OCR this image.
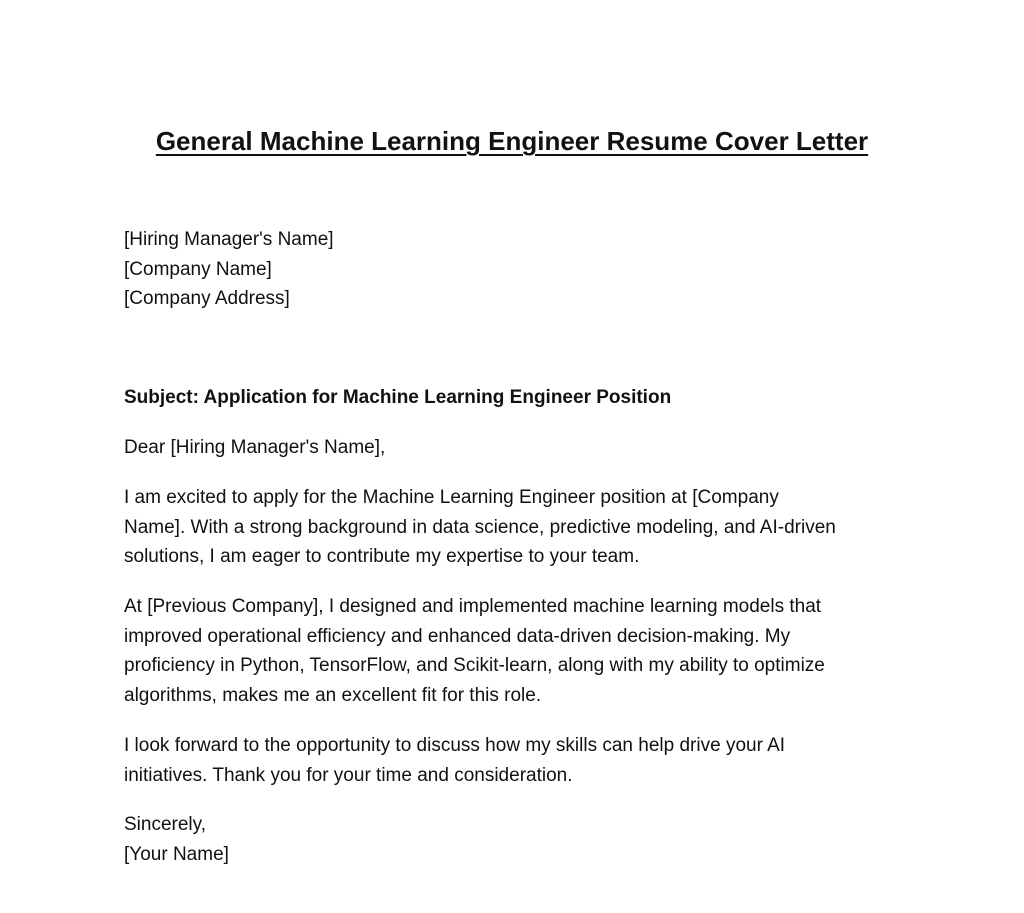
General Machine Learning Engineer Resume Cover Letter
[Hiring Manager's Name]
[Company Name]
[Company Address]
Subject: Application for Machine Learning Engineer Position
Dear [Hiring Manager's Name],
I am excited to apply for the Machine Learning Engineer position at [Company
Name]. With a strong background in data science, predictive modeling, and AI-driven
solutions, I am eager to contribute my expertise to your team.
At [Previous Company], I designed and implemented machine learning models that
improved operational efficiency and enhanced data-driven decision-making. My
proficiency in Python, TensorFlow, and Scikit-learn, along with my ability to optimize
algorithms, makes me an excellent fit for this role.
I look forward to the opportunity to discuss how my skills can help drive your AI
initiatives. Thank you for your time and consideration.
Sincerely,
[Your Name]
